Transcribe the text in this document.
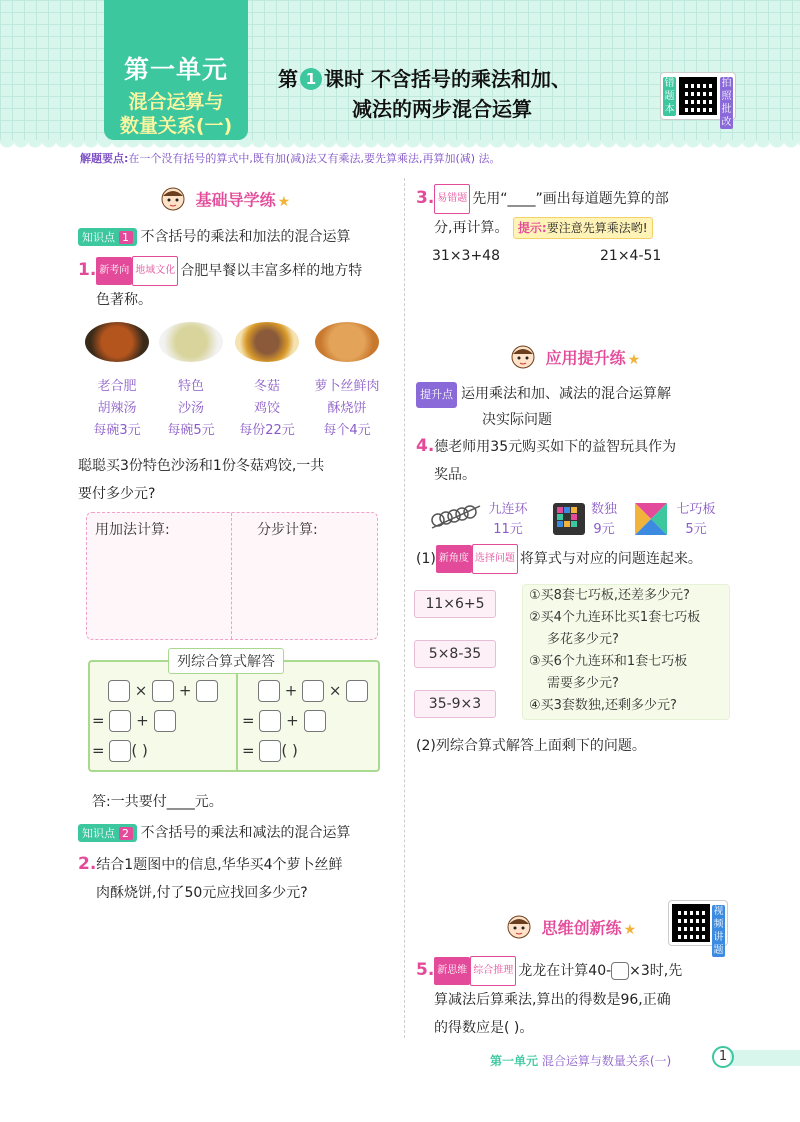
第一单元
混合运算与
数量关系(一)
第 1 课时 不含括号的乘法和加、
减法的两步混合运算
错题本
拍照批改
解题要点:在一个没有括号的算式中,既有加(减)法又有乘法,要先算乘法,再算加(减) 法。
基础导学练 ★
知识点 1 不含括号的乘法和加法的混合运算
1. 新考向 地域文化 合肥早餐以丰富多样的地方特
色著称。
老合肥
胡辣汤
每碗3元
特色
沙汤
每碗5元
冬菇
鸡饺
每份22元
萝卜丝鲜肉
酥烧饼
每个4元
聪聪买3份特色沙汤和1份冬菇鸡饺,一共
要付多少元?
用加法计算:	分步计算:
列综合算式解答
× +
= +
= ( )
+ ×
= +
= ( )
答:一共要付____元。
知识点 2 不含括号的乘法和减法的混合运算
2.结合1题图中的信息,华华买4个萝卜丝鲜
肉酥烧饼,付了50元应找回多少元?
3. 易错题 先用“____”画出每道题先算的部
分,再计算。 提示:要注意先算乘法哟!
31×3+48	21×4-51
应用提升练 ★
提升点 运用乘法和加、减法的混合运算解
决实际问题
4.德老师用35元购买如下的益智玩具作为
奖品。
九连环
11元
数独
9元
七巧板
5元
(1) 新角度 选择问题 将算式与对应的问题连起来。
11×6+5
5×8-35
35-9×3
①买8套七巧板,还差多少元?
②买4个九连环比买1套七巧板
多花多少元?
③买6个九连环和1套七巧板
需要多少元?
④买3套数独,还剩多少元?
(2)列综合算式解答上面剩下的问题。
思维创新练 ★
视频讲题
5. 新思维 综合推理 龙龙在计算40- ×3时,先
算减法后算乘法,算出的得数是96,正确
的得数应是( )。
第一单元 混合运算与数量关系(一)	1
